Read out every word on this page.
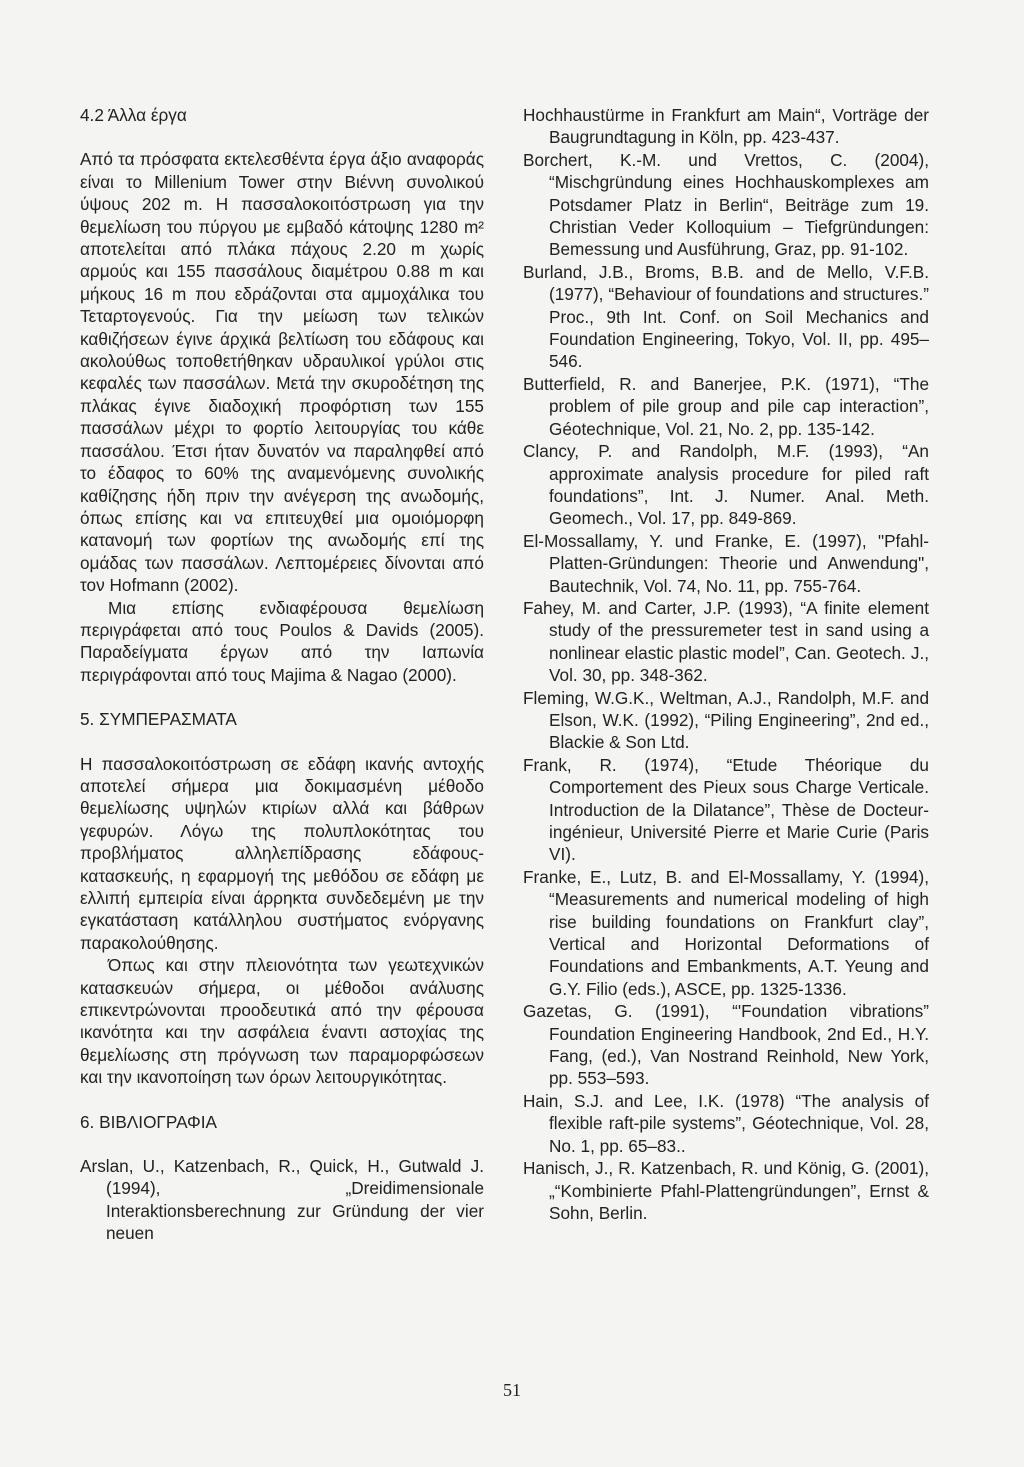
4.2 Άλλα έργα

Από τα πρόσφατα εκτελεσθέντα έργα άξιο αναφοράς είναι το Millenium Tower στην Βιέννη συνολικού ύψους 202 m. Η πασσαλοκοιτόστρωση για την θεμελίωση του πύργου με εμβαδό κάτοψης 1280 m² αποτελείται από πλάκα πάχους 2.20 m χωρίς αρμούς και 155 πασσάλους διαμέτρου 0.88 m και μήκους 16 m που εδράζονται στα αμμοχάλικα του Τεταρτογενούς. Για την μείωση των τελικών καθιζήσεων έγινε άρχικά βελτίωση του εδάφους και ακολούθως τοποθετήθηκαν υδραυλικοί γρύλοι στις κεφαλές των πασσάλων. Μετά την σκυροδέτηση της πλάκας έγινε διαδοχική προφόρτιση των 155 πασσάλων μέχρι το φορτίο λειτουργίας του κάθε πασσάλου. Έτσι ήταν δυνατόν να παραληφθεί από το έδαφος το 60% της αναμενόμενης συνολικής καθίζησης ήδη πριν την ανέγερση της ανωδομής, όπως επίσης και να επιτευχθεί μια ομοιόμορφη κατανομή των φορτίων της ανωδομής επί της ομάδας των πασσάλων. Λεπτομέρειες δίνονται από τον Hofmann (2002).

Μια επίσης ενδιαφέρουσα θεμελίωση περιγράφεται από τους Poulos & Davids (2005). Παραδείγματα έργων από την Ιαπωνία περιγράφονται από τους Majima & Nagao (2000).

5. ΣΥΜΠΕΡΑΣΜΑΤΑ

Η πασσαλοκοιτόστρωση σε εδάφη ικανής αντοχής αποτελεί σήμερα μια δοκιμασμένη μέθοδο θεμελίωσης υψηλών κτιρίων αλλά και βάθρων γεφυρών. Λόγω της πολυπλοκότητας του προβλήματος αλληλεπίδρασης εδάφους-κατασκευής, η εφαρμογή της μεθόδου σε εδάφη με ελλιπή εμπειρία είναι άρρηκτα συνδεδεμένη με την εγκατάσταση κατάλληλου συστήματος ενόργανης παρακολούθησης.

Όπως και στην πλειονότητα των γεωτεχνικών κατασκευών σήμερα, οι μέθοδοι ανάλυσης επικεντρώνονται προοδευτικά από την φέρουσα ικανότητα και την ασφάλεια έναντι αστοχίας της θεμελίωσης στη πρόγνωση των παραμορφώσεων και την ικανοποίηση των όρων λειτουργικότητας.

6. ΒΙΒΛΙΟΓΡΑΦΙΑ

Arslan, U., Katzenbach, R., Quick, H., Gutwald J. (1994), „Dreidimensionale Interaktionsberechnung zur Gründung der vier neuen

Hochhaustürme in Frankfurt am Main“, Vorträge der Baugrundtagung in Köln, pp. 423-437.

Borchert, K.-M. und Vrettos, C. (2004), “Mischgründung eines Hochhauskomplexes am Potsdamer Platz in Berlin“, Beiträge zum 19. Christian Veder Kolloquium – Tiefgründungen: Bemessung und Ausführung, Graz, pp. 91-102.

Burland, J.B., Broms, B.B. and de Mello, V.F.B. (1977), “Behaviour of foundations and structures.” Proc., 9th Int. Conf. on Soil Mechanics and Foundation Engineering, Tokyo, Vol. II, pp. 495–546.

Butterfield, R. and Banerjee, P.K. (1971), “The problem of pile group and pile cap interaction”, Géotechnique, Vol. 21, No. 2, pp. 135-142.

Clancy, P. and Randolph, M.F. (1993), “An approximate analysis procedure for piled raft foundations”, Int. J. Numer. Anal. Meth. Geomech., Vol. 17, pp. 849-869.

El-Mossallamy, Y. und Franke, E. (1997), "Pfahl-Platten-Gründungen: Theorie und Anwendung", Bautechnik, Vol. 74, No. 11, pp. 755-764.

Fahey, M. and Carter, J.P. (1993), “A finite element study of the pressuremeter test in sand using a nonlinear elastic plastic model”, Can. Geotech. J., Vol. 30, pp. 348-362.

Fleming, W.G.K., Weltman, A.J., Randolph, M.F. and Elson, W.K. (1992), “Piling Engineering”, 2nd ed., Blackie & Son Ltd.

Frank, R. (1974), “Etude Théorique du Comportement des Pieux sous Charge Verticale. Introduction de la Dilatance”, Thèse de Docteur-ingénieur, Université Pierre et Marie Curie (Paris VI).

Franke, E., Lutz, B. and El-Mossallamy, Y. (1994), “Measurements and numerical modeling of high rise building foundations on Frankfurt clay”, Vertical and Horizontal Deformations of Foundations and Embankments, A.T. Yeung and G.Y. Filio (eds.), ASCE, pp. 1325-1336.

Gazetas, G. (1991), “'Foundation vibrations” Foundation Engineering Handbook, 2nd Ed., H.Y. Fang, (ed.), Van Nostrand Reinhold, New York, pp. 553–593.

Hain, S.J. and Lee, I.K. (1978) “The analysis of flexible raft-pile systems”, Géotechnique, Vol. 28, No. 1, pp. 65–83..

Hanisch, J., R. Katzenbach, R. und König, G. (2001), „“Kombinierte Pfahl-Plattengründungen”, Ernst & Sohn, Berlin.

51
